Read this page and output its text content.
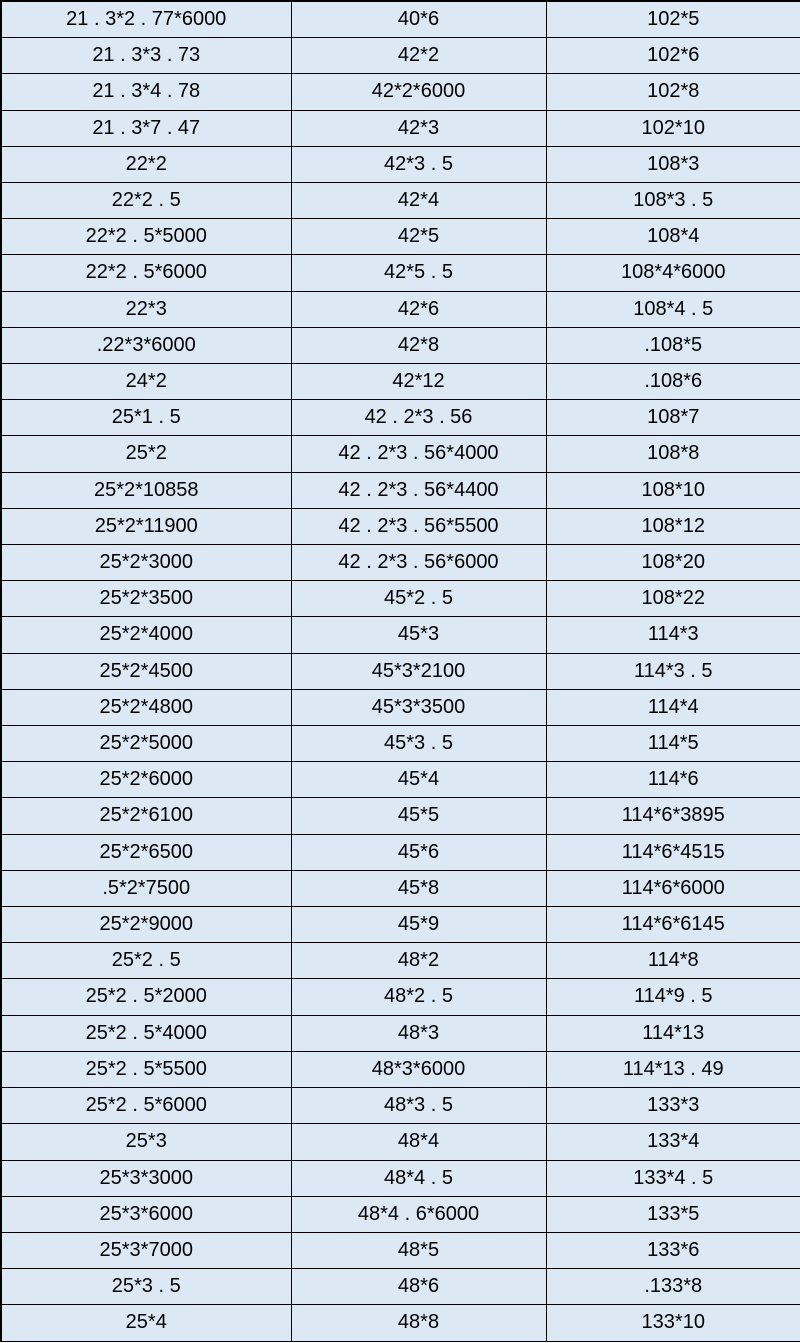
21 . 3*2 . 77*6000	40*6	102*5
21 . 3*3 . 73	42*2	102*6
21 . 3*4 . 78	42*2*6000	102*8
21 . 3*7 . 47	42*3	102*10
22*2	42*3 . 5	108*3
22*2 . 5	42*4	108*3 . 5
22*2 . 5*5000	42*5	108*4
22*2 . 5*6000	42*5 . 5	108*4*6000
22*3	42*6	108*4 . 5
.22*3*6000	42*8	.108*5
24*2	42*12	.108*6
25*1 . 5	42 . 2*3 . 56	108*7
25*2	42 . 2*3 . 56*4000	108*8
25*2*10858	42 . 2*3 . 56*4400	108*10
25*2*11900	42 . 2*3 . 56*5500	108*12
25*2*3000	42 . 2*3 . 56*6000	108*20
25*2*3500	45*2 . 5	108*22
25*2*4000	45*3	114*3
25*2*4500	45*3*2100	114*3 . 5
25*2*4800	45*3*3500	114*4
25*2*5000	45*3 . 5	114*5
25*2*6000	45*4	114*6
25*2*6100	45*5	114*6*3895
25*2*6500	45*6	114*6*4515
.5*2*7500	45*8	114*6*6000
25*2*9000	45*9	114*6*6145
25*2 . 5	48*2	114*8
25*2 . 5*2000	48*2 . 5	114*9 . 5
25*2 . 5*4000	48*3	114*13
25*2 . 5*5500	48*3*6000	114*13 . 49
25*2 . 5*6000	48*3 . 5	133*3
25*3	48*4	133*4
25*3*3000	48*4 . 5	133*4 . 5
25*3*6000	48*4 . 6*6000	133*5
25*3*7000	48*5	133*6
25*3 . 5	48*6	.133*8
25*4	48*8	133*10
